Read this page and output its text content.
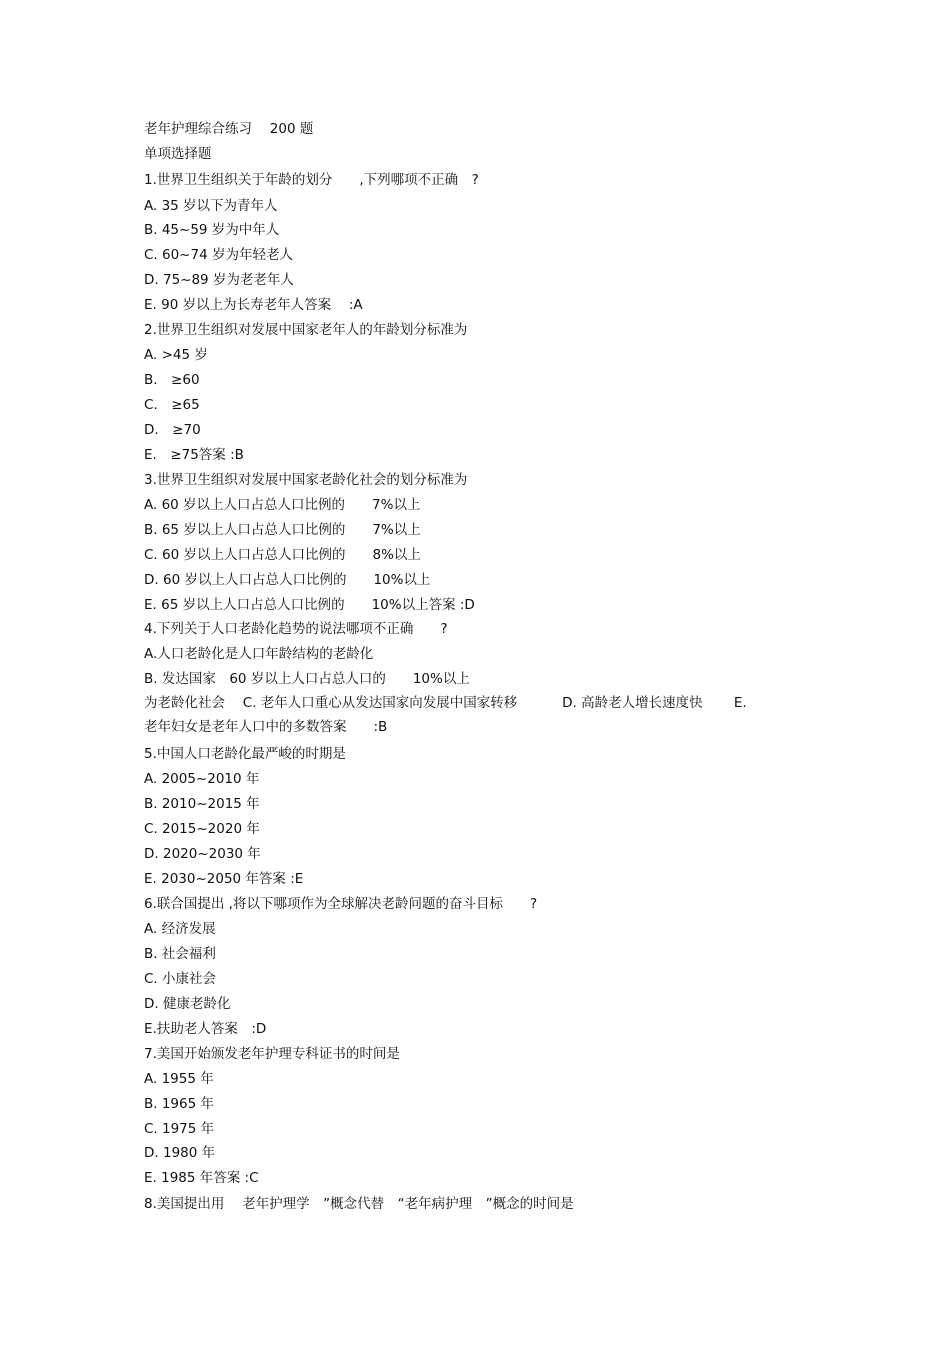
老年护理综合练习　 200 题
单项选择题
1.世界卫生组织关于年龄的划分　　,下列哪项不正确　?
A. 35 岁以下为青年人
B. 45~59 岁为中年人
C. 60~74 岁为年轻老人
D. 75~89 岁为老老年人
E. 90 岁以上为长寿老年人答案　 :A
2.世界卫生组织对发展中国家老年人的年龄划分标准为
A. >45 岁
B.　≥60
C.　≥65
D.　≥70
E.　≥75答案 :B
3.世界卫生组织对发展中国家老龄化社会的划分标准为
A. 60 岁以上人口占总人口比例的　　7%以上
B. 65 岁以上人口占总人口比例的　　7%以上
C. 60 岁以上人口占总人口比例的　　8%以上
D. 60 岁以上人口占总人口比例的　　10%以上
E. 65 岁以上人口占总人口比例的　　10%以上答案 :D
4.下列关于人口老龄化趋势的说法哪项不正确　　?
A.人口老龄化是人口年龄结构的老龄化
B. 发达国家　60 岁以上人口占总人口的　　10%以上
为老龄化社会　 C. 老年人口重心从发达国家向发展中国家转移　　　 D. 高龄老人增长速度快　　 E.
老年妇女是老年人口中的多数答案　　:B
5.中国人口老龄化最严峻的时期是
A. 2005~2010 年
B. 2010~2015 年
C. 2015~2020 年
D. 2020~2030 年
E. 2030~2050 年答案 :E
6.联合国提出 ,将以下哪项作为全球解决老龄问题的奋斗目标　　?
A. 经济发展
B. 社会福利
C. 小康社会
D. 健康老龄化
E.扶助老人答案　:D
7.美国开始颁发老年护理专科证书的时间是
A. 1955 年
B. 1965 年
C. 1975 年
D. 1980 年
E. 1985 年答案 :C
8.美国提出用　 老年护理学　”概念代替　“老年病护理　”概念的时间是
